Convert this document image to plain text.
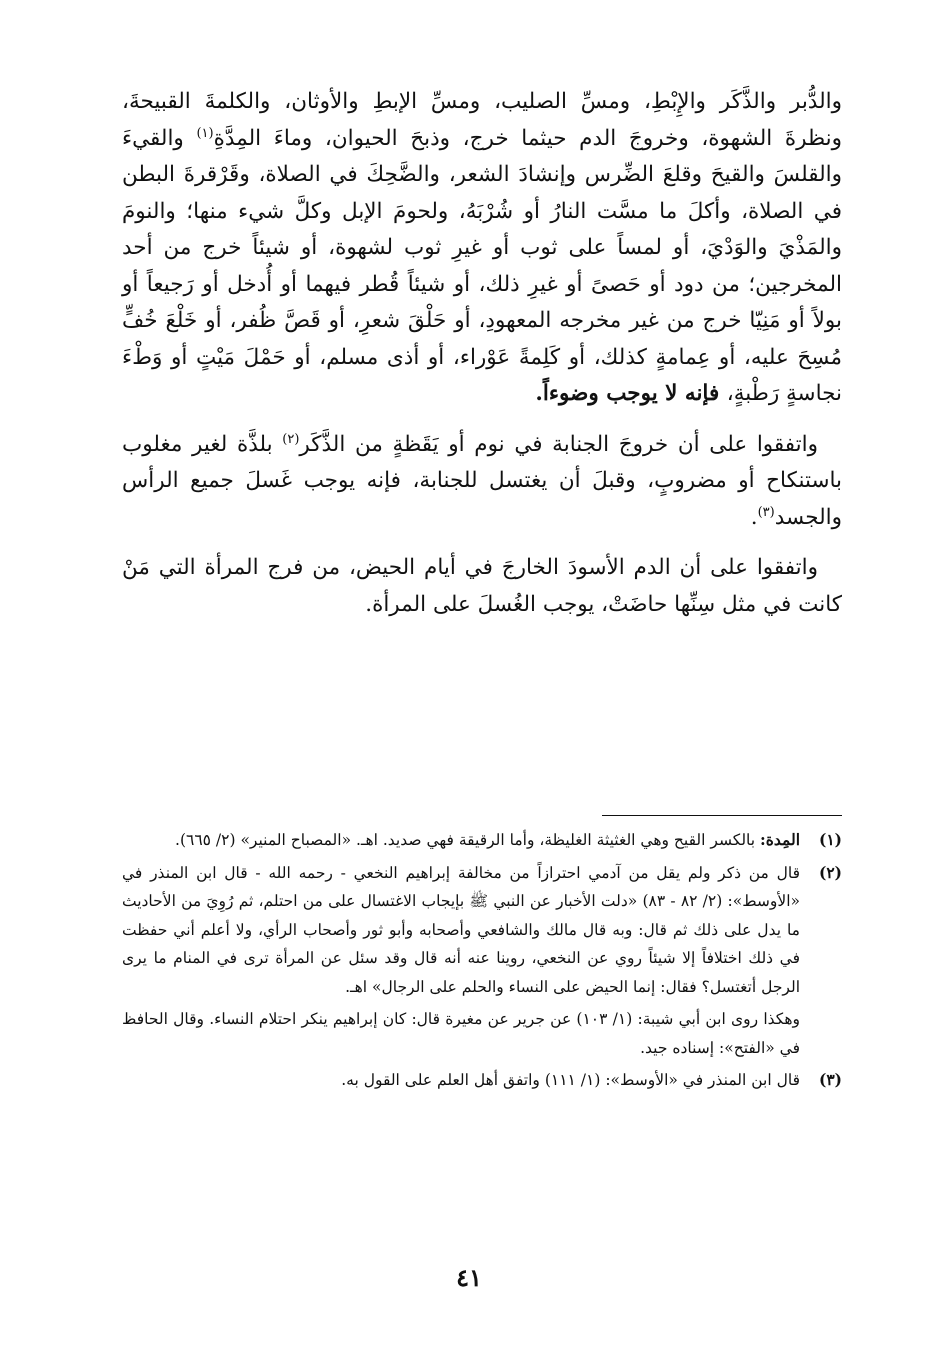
والدُّبر والذَّكَر والإِبْطِ، ومسِّ الصليب، ومسِّ الإبطِ والأوثان، والكلمةَ القبيحةَ، ونظرةَ الشهوة، وخروجَ الدم حيثما خرج، وذبحَ الحيوان، وماءَ المِدَّةِ$^{(١)}$ والقيءَ والقلسَ والقيحَ وقلعَ الضِّرس وإنشادَ الشعر، والضَّحِكَ في الصلاة، وقَرْقرةَ البطن في الصلاة، وأكلَ ما مسَّت النارُ أو شُرْبَهُ، ولحومَ الإبل وكلَّ شيء منها؛ والنومَ والمَذْيَ والوَدْيَ، أو لمساً على ثوب أو غيرِ ثوب لشهوة، أو شيئاً خرج من أحد المخرجين؛ من دود أو حَصىً أو غيرِ ذلك، أو شيئاً قُطر فيهما أو أُدخل أو رَجيعاً أو بولاً أو مَنِيّا خرج من غير مخرجه المعهودِ، أو حَلْقَ شعرِ، أو قَصَّ ظُفر، أو خَلْعَ خُفٍّ مُسِحَ عليه، أو عِمامةٍ كذلك، أو كَلِمةً عَوْراء، أو أذى مسلم، أو حَمْلَ مَيْتٍ أو وَطْءَ نجاسةٍ رَطْبةٍ، فإنه لا يوجب وضوءاً.

واتفقوا على أن خروجَ الجنابة في نوم أو يَقَظةٍ من الذَّكَر$^{(٢)}$ بلذَّة لغير مغلوب باستنكاح أو مضروبٍ، وقبلَ أن يغتسل للجنابة، فإنه يوجب غَسلَ جميع الرأس والجسد$^{(٣)}$.

واتفقوا على أن الدم الأسودَ الخارجَ في أيام الحيض، من فرج المرأة التي مَنْ كانت في مثل سِنِّها حاضَتْ، يوجب الغُسلَ على المرأة.

(١)

المِدة: بالكسر القيح وهي الغثيثة الغليظة، وأما الرقيقة فهي صديد. اهـ. «المصباح المنير» (٢/ ٦٦٥).

(٢)

قال من ذكر ولم يقل من آدمي احترازاً من مخالفة إبراهيم النخعي - رحمه الله - قال ابن المنذر في «الأوسط»: (٢/ ٨٢ - ٨٣) «دلت الأخبار عن النبي ﷺ بإيجاب الاغتسال على من احتلم، ثم رُوِيَ من الأحاديث ما يدل على ذلك ثم قال: وبه قال مالك والشافعي وأصحابه وأبو ثور وأصحاب الرأي، ولا أعلم أني حفظت في ذلك اختلافاً إلا شيئاً روي عن النخعي، روينا عنه أنه قال وقد سئل عن المرأة ترى في المنام ما يرى الرجل أتغتسل؟ فقال: إنما الحيض على النساء والحلم على الرجال» اهـ.

وهكذا روى ابن أبي شيبة: (١/ ١٠٣) عن جرير عن مغيرة قال: كان إبراهيم ينكر احتلام النساء. وقال الحافظ في «الفتح»: إسناده جيد.

(٣)

قال ابن المنذر في «الأوسط»: (١/ ١١١) واتفق أهل العلم على القول به.

٤١
